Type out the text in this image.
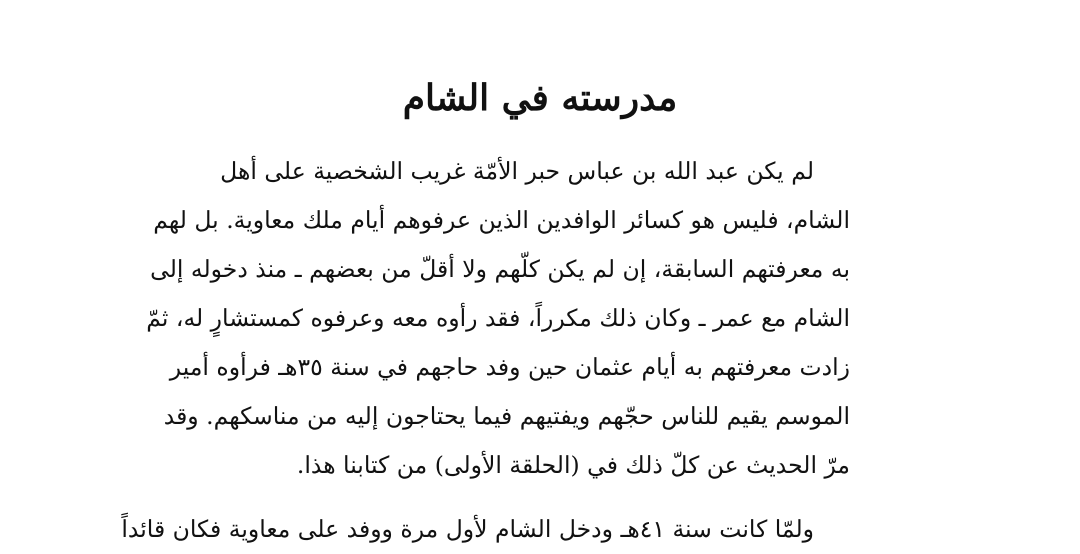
مدرسته في الشام
لم يكن عبد الله بن عباس حبر الأمّة غريب الشخصية على أهل
الشام، فليس هو كسائر الوافدين الذين عرفوهم أيام ملك معاوية. بل لهم
به معرفتهم السابقة، إن لم يكن كلّهم ولا أقلّ من بعضهم ـ منذ دخوله إلى
الشام مع عمر ـ وكان ذلك مكرراً، فقد رأوه معه وعرفوه كمستشارٍ له، ثمّ
زادت معرفتهم به أيام عثمان حين وفد حاجهم في سنة ٣٥هـ فرأوه أمير
الموسم يقيم للناس حجّهم ويفتيهم فيما يحتاجون إليه من مناسكهم. وقد
مرّ الحديث عن كلّ ذلك في (الحلقة الأولى) من كتابنا هذا.
ولمّا كانت سنة ٤١هـ ودخل الشام لأول مرة ووفد على معاوية فكان قائداً
